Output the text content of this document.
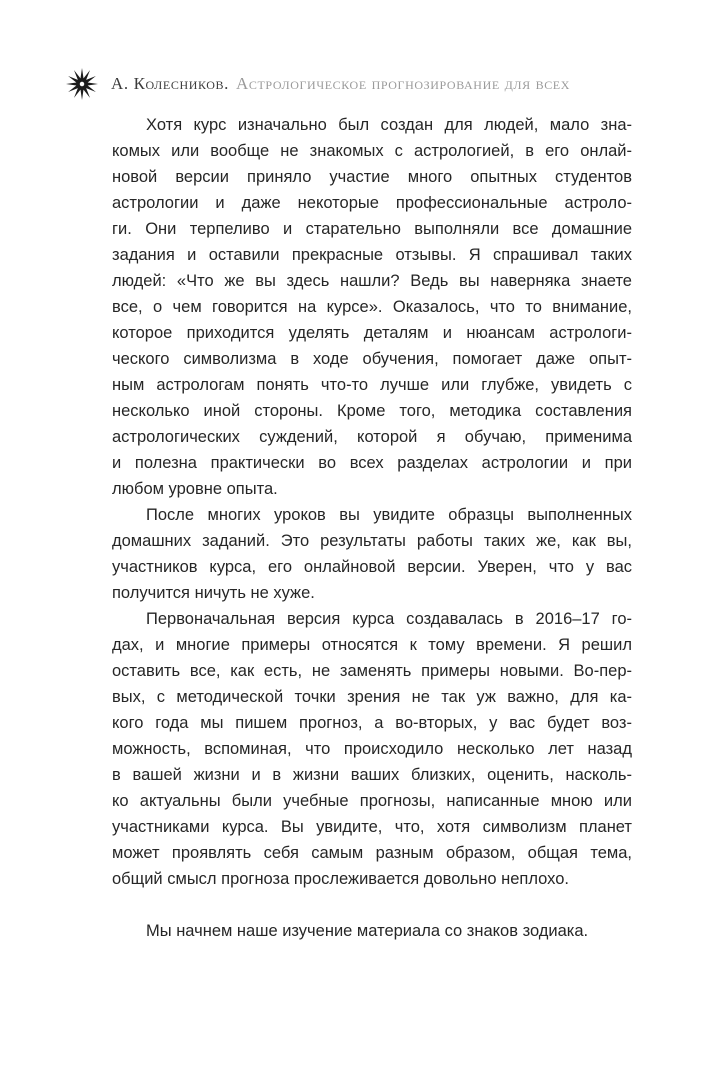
А. Колесников. Астрологическое прогнозирование для всех
Хотя курс изначально был создан для людей, мало зна-
комых или вообще не знакомых с астрологией, в его онлай-
новой версии приняло участие много опытных студентов
астрологии и даже некоторые профессиональные астроло-
ги. Они терпеливо и старательно выполняли все домашние
задания и оставили прекрасные отзывы. Я спрашивал таких
людей: «Что же вы здесь нашли? Ведь вы наверняка знаете
все, о чем говорится на курсе». Оказалось, что то внимание,
которое приходится уделять деталям и нюансам астрологи-
ческого символизма в ходе обучения, помогает даже опыт-
ным астрологам понять что-то лучше или глубже, увидеть с
несколько иной стороны. Кроме того, методика составления
астрологических суждений, которой я обучаю, применима
и полезна практически во всех разделах астрологии и при
любом уровне опыта.
После многих уроков вы увидите образцы выполненных
домашних заданий. Это результаты работы таких же, как вы,
участников курса, его онлайновой версии. Уверен, что у вас
получится ничуть не хуже.
Первоначальная версия курса создавалась в 2016–17 го-
дах, и многие примеры относятся к тому времени. Я решил
оставить все, как есть, не заменять примеры новыми. Во-пер-
вых, с методической точки зрения не так уж важно, для ка-
кого года мы пишем прогноз, а во-вторых, у вас будет воз-
можность, вспоминая, что происходило несколько лет назад
в вашей жизни и в жизни ваших близких, оценить, насколь-
ко актуальны были учебные прогнозы, написанные мною или
участниками курса. Вы увидите, что, хотя символизм планет
может проявлять себя самым разным образом, общая тема,
общий смысл прогноза прослеживается довольно неплохо.
Мы начнем наше изучение материала со знаков зодиака.
